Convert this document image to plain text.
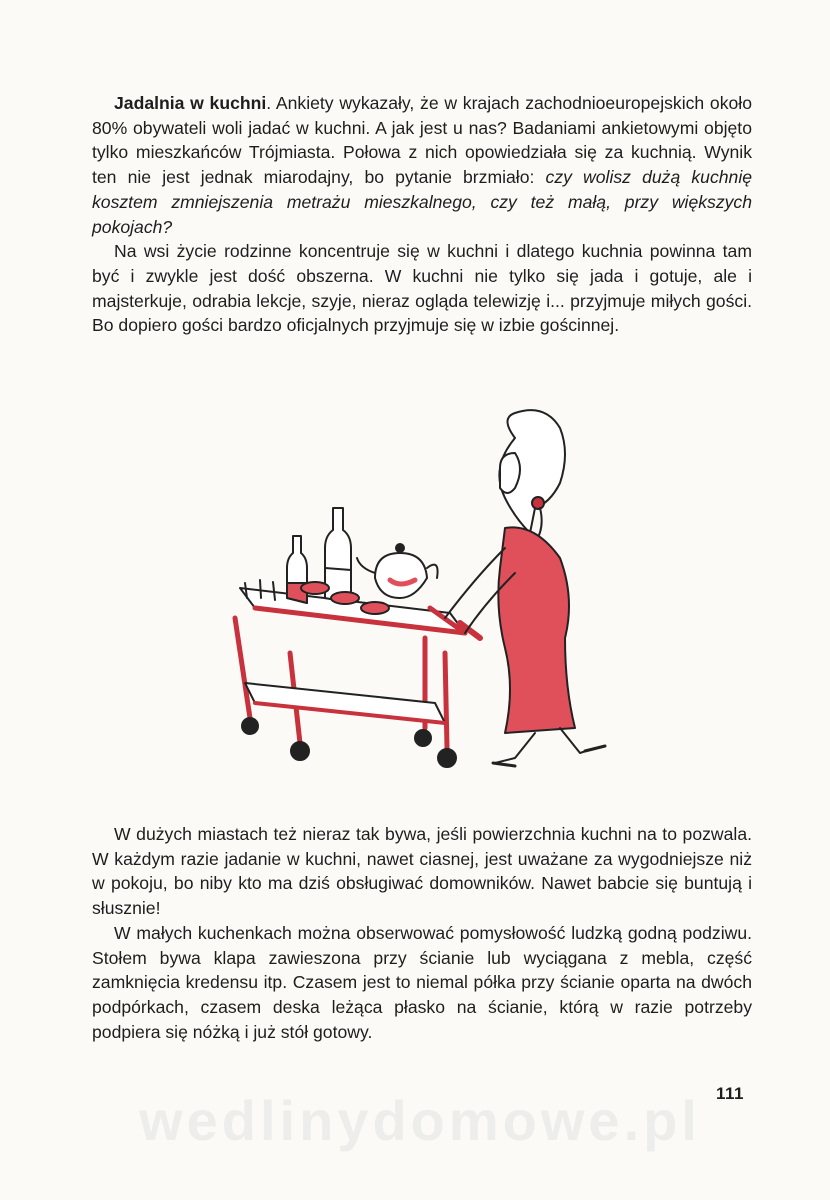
Jadalnia w kuchni. Ankiety wykazały, że w krajach zachodnioeuropejskich około 80% obywateli woli jadać w kuchni. A jak jest u nas? Badaniami ankietowymi objęto tylko mieszkańców Trójmiasta. Połowa z nich opowiedziała się za kuchnią. Wynik ten nie jest jednak miarodajny, bo pytanie brzmiało: czy wolisz dużą kuchnię kosztem zmniejszenia metrażu mieszkalnego, czy też małą, przy większych pokojach?

Na wsi życie rodzinne koncentruje się w kuchni i dlatego kuchnia powinna tam być i zwykle jest dość obszerna. W kuchni nie tylko się jada i gotuje, ale i majsterkuje, odrabia lekcje, szyje, nieraz ogląda telewizję i... przyjmuje miłych gości. Bo dopiero gości bardzo oficjalnych przyjmuje się w izbie gościnnej.

W dużych miastach też nieraz tak bywa, jeśli powierzchnia kuchni na to pozwala. W każdym razie jadanie w kuchni, nawet ciasnej, jest uważane za wygodniejsze niż w pokoju, bo niby kto ma dziś obsługiwać domowników. Nawet babcie się buntują i słusznie!

W małych kuchenkach można obserwować pomysłowość ludzką godną podziwu. Stołem bywa klapa zawieszona przy ścianie lub wyciągana z mebla, część zamknięcia kredensu itp. Czasem jest to niemal półka przy ścianie oparta na dwóch podpórkach, czasem deska leżąca płasko na ścianie, którą w razie potrzeby podpiera się nóżką i już stół gotowy.

wedlinydomowe.pl 111
